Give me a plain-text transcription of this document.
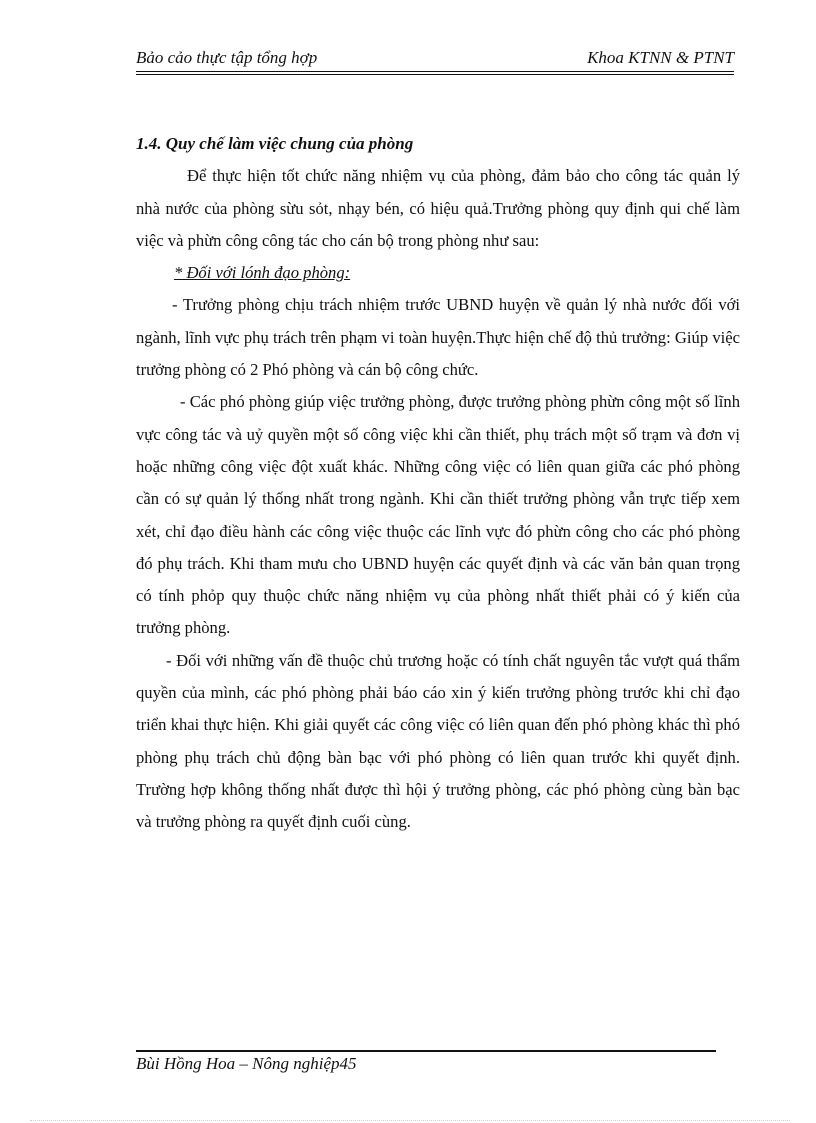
Bảo cảo thực tập tổng hợp	Khoa KTNN & PTNT

1.4. Quy chế làm việc chung của phòng

Để thực hiện tốt chức năng nhiệm vụ của phòng, đảm bảo cho công tác quản lý nhà nước của phòng sừu sỏt, nhạy bén, có hiệu quả.Trưởng phòng quy định qui chế làm việc và phừn công công tác cho cán bộ trong phòng như sau:

* Đối với lónh đạo phòng:

- Trưởng phòng chịu trách nhiệm trước UBND huyện về quản lý nhà nước đối với ngành, lĩnh vực phụ trách trên phạm vi toàn huyện.Thực hiện chế độ thủ trưởng: Giúp việc trưởng phòng có 2 Phó phòng và cán bộ công chức.

- Các phó phòng giúp việc trưởng phòng, được trưởng phòng phừn công một số lĩnh vực công tác và uỷ quyền một số công việc khi cần thiết, phụ trách một số trạm và đơn vị hoặc những công việc đột xuất khác. Những công việc có liên quan giữa các phó phòng cần có sự quản lý thống nhất trong ngành. Khi cần thiết trưởng phòng vẫn trực tiếp xem xét, chỉ đạo điều hành các công việc thuộc các lĩnh vực đó phừn công cho các phó phòng đó phụ trách. Khi tham mưu cho UBND huyện các quyết định và các văn bản quan trọng có tính phỏp quy thuộc chức năng nhiệm vụ của phòng nhất thiết phải có ý kiến của trưởng phòng.

- Đối với những vấn đề thuộc chủ trương hoặc có tính chất nguyên tắc vượt quá thẩm quyền của mình, các phó phòng phải báo cáo xin ý kiến trưởng phòng trước khi chỉ đạo triển khai thực hiện. Khi giải quyết các công việc có liên quan đến phó phòng khác thì phó phòng phụ trách chủ động bàn bạc với phó phòng có liên quan trước khi quyết định. Trường hợp không thống nhất được thì hội ý trưởng phòng, các phó phòng cùng bàn bạc và trưởng phòng ra quyết định cuối cùng.

Bùi Hồng Hoa – Nông nghiệp45
